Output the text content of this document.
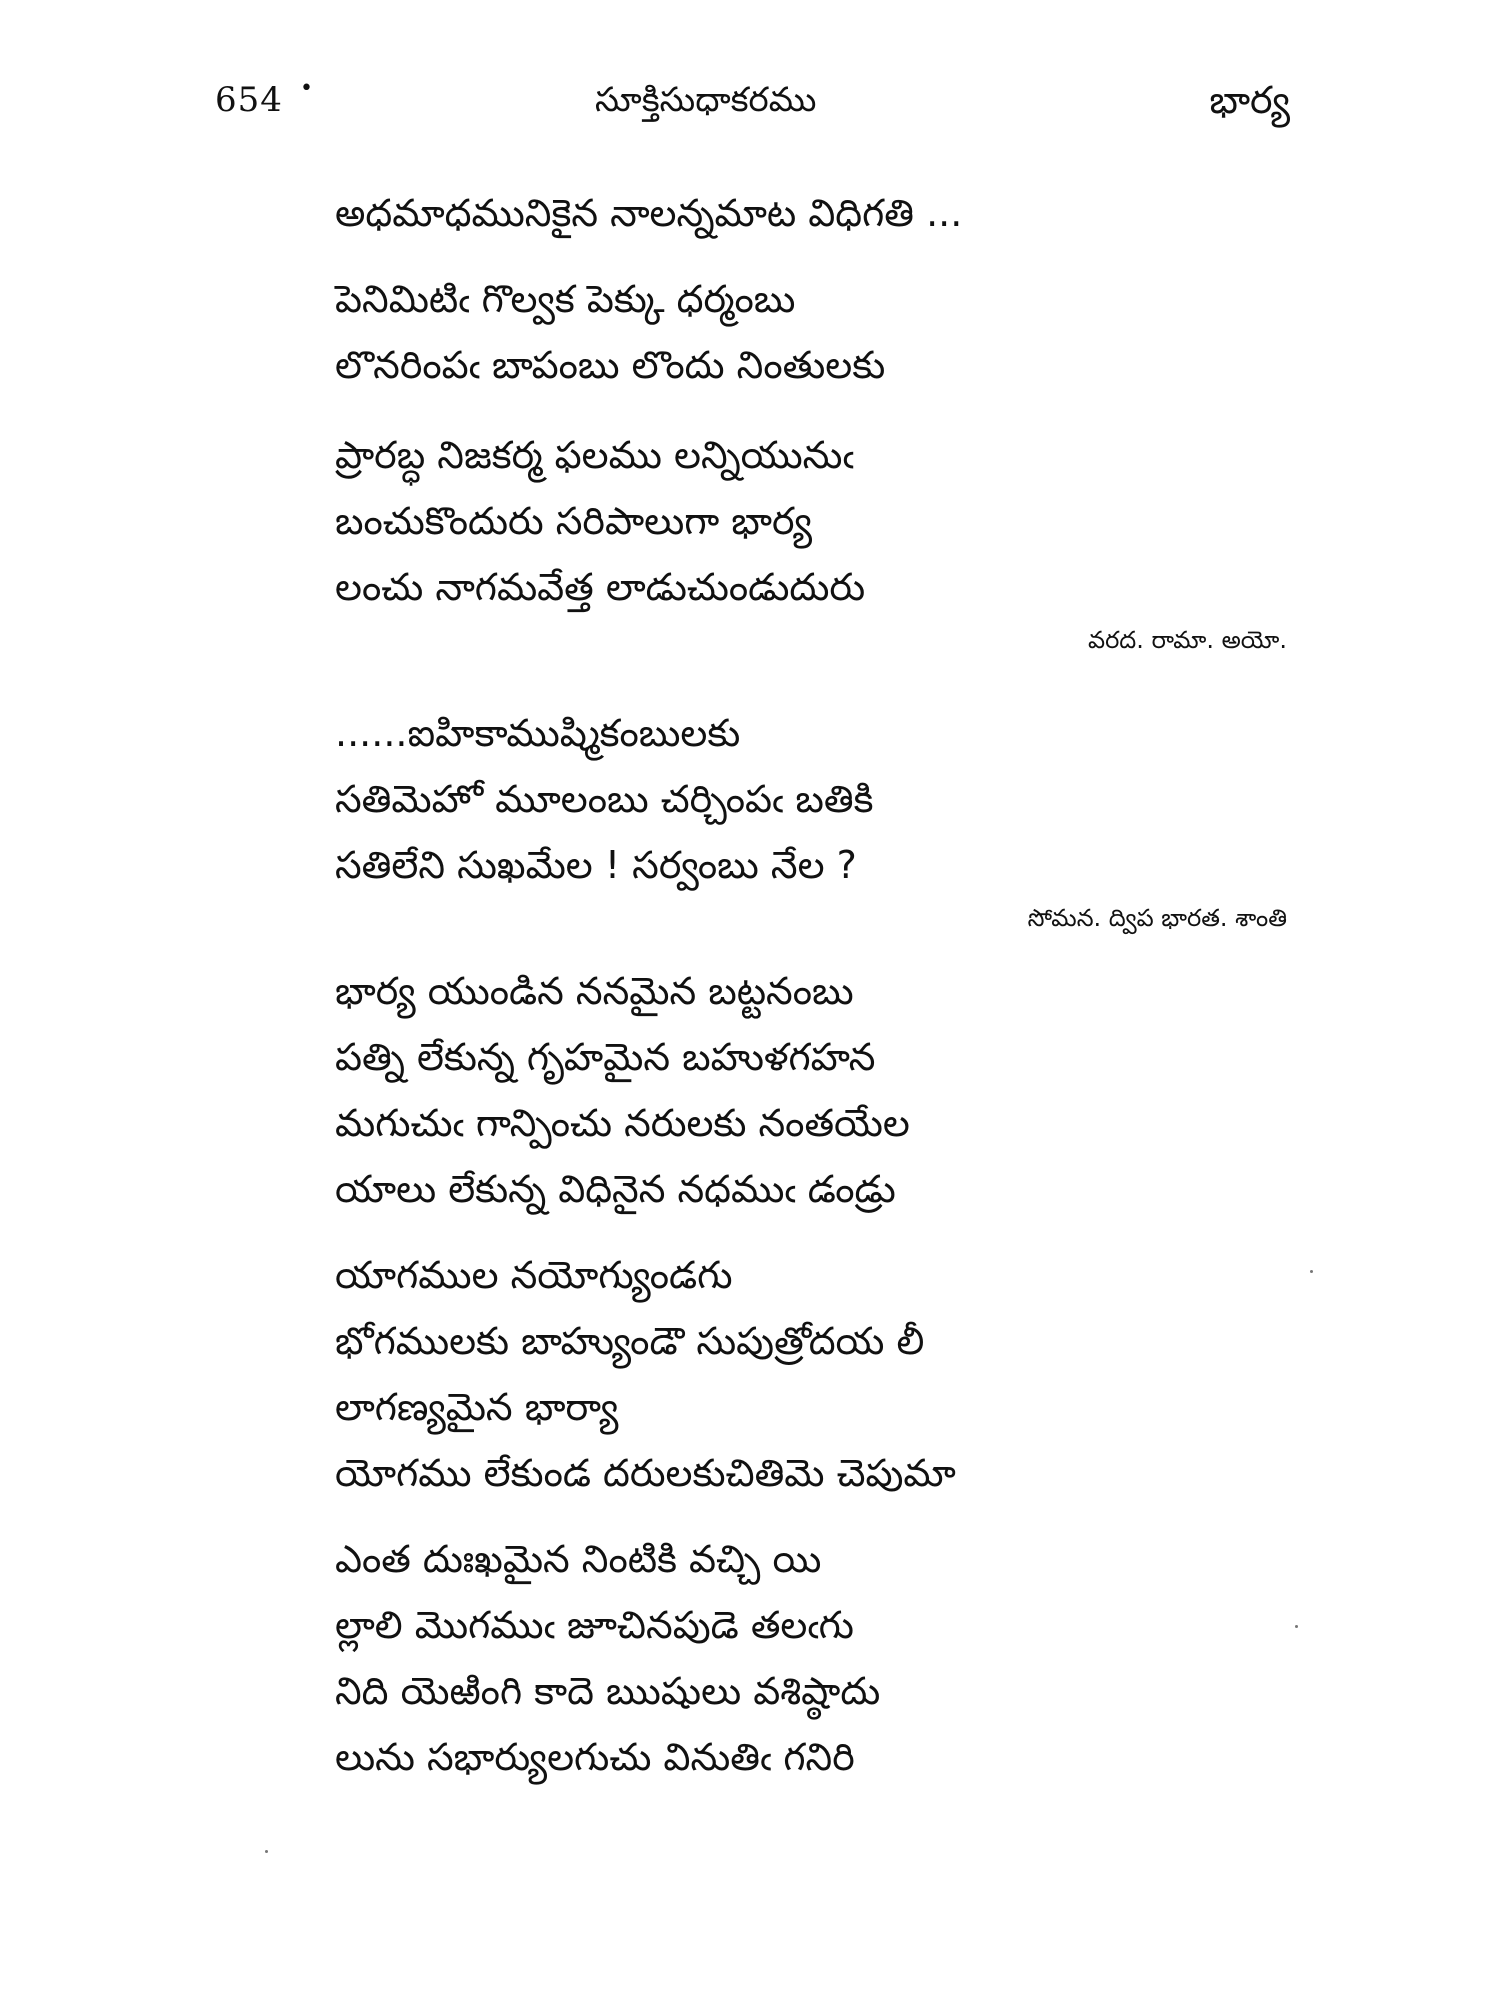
654 •	సూక్తిసుధాకరము	భార్య
అధమాధమునికైన నాలన్నమాట విధిగతి ...
పెనిమిటిఁ గొల్వక పెక్కు ధర్మంబు
లొనరింపఁ బాపంబు లొందు నింతులకు
ప్రారబ్ధ నిజకర్మ ఫలము లన్నియునుఁ
బంచుకొందురు సరిపాలుగా భార్య
లంచు నాగమవేత్త లాడుచుండుదురు
వరద. రామా. అయో.
......ఐహికాముష్మికంబులకు
సతిమెహో మూలంబు చర్చింపఁ బతికి
సతిలేని సుఖమేల ! సర్వంబు నేల ?
సోమన. ద్విప భారత. శాంతి
భార్య యుండిన ననమైన బట్టనంబు
పత్ని లేకున్న గృహమైన బహుళగహన
మగుచుఁ గాన్పించు నరులకు నంతయేల
యాలు లేకున్న విధినైన నధముఁ డండ్రు
యాగముల నయోగ్యుండగు
భోగములకు బాహ్యుండౌ సుపుత్రోదయ లీ
లాగణ్యమైన భార్యా
యోగము లేకుండ దరులకుచితిమె చెపుమా
ఎంత దుఃఖమైన నింటికి వచ్చి యి
ల్లాలి మొగముఁ జూచినపుడె తలఁగు
నిది యెఱింగి కాదె ఋషులు వశిష్ఠాదు
లును సభార్యులగుచు వినుతిఁ గనిరి
